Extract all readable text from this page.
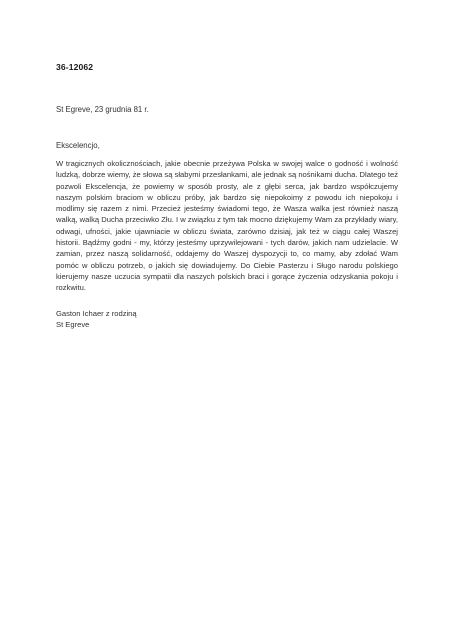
36-12062
St Egreve, 23 grudnia 81 r.
Ekscelencjo,

W tragicznych okolicznościach, jakie obecnie przeżywa Polska w swojej walce o godność i wolność ludzką, dobrze wiemy, że słowa są słabymi przesłankami, ale jednak są nośnikami ducha. Dlatego też pozwoli Ekscelencja, że powiemy w sposób prosty, ale z głębi serca, jak bardzo współczujemy naszym polskim braciom w obliczu próby, jak bardzo się niepokoimy z powodu ich niepokoju i modlimy się razem z nimi. Przecież jesteśmy świadomi tego, że Wasza walka jest również naszą walką, walką Ducha przeciwko Złu. I w związku z tym tak mocno dziękujemy Wam za przykłady wiary, odwagi, ufności, jakie ujawniacie w obliczu świata, zarówno dzisiaj, jak też w ciągu całej Waszej historii. Bądźmy godni - my, którzy jesteśmy uprzywilejowani - tych darów, jakich nam udzielacie. W zamian, przez naszą solidarność, oddajemy do Waszej dyspozycji to, co mamy, aby zdołać Wam pomóc w obliczu potrzeb, o jakich się dowiadujemy. Do Ciebie Pasterzu i Sługo narodu polskiego kierujemy nasze uczucia sympatii dla naszych polskich braci i gorące życzenia odzyskania pokoju i rozkwitu.

Gaston Ichaer z rodziną
St Egreve
